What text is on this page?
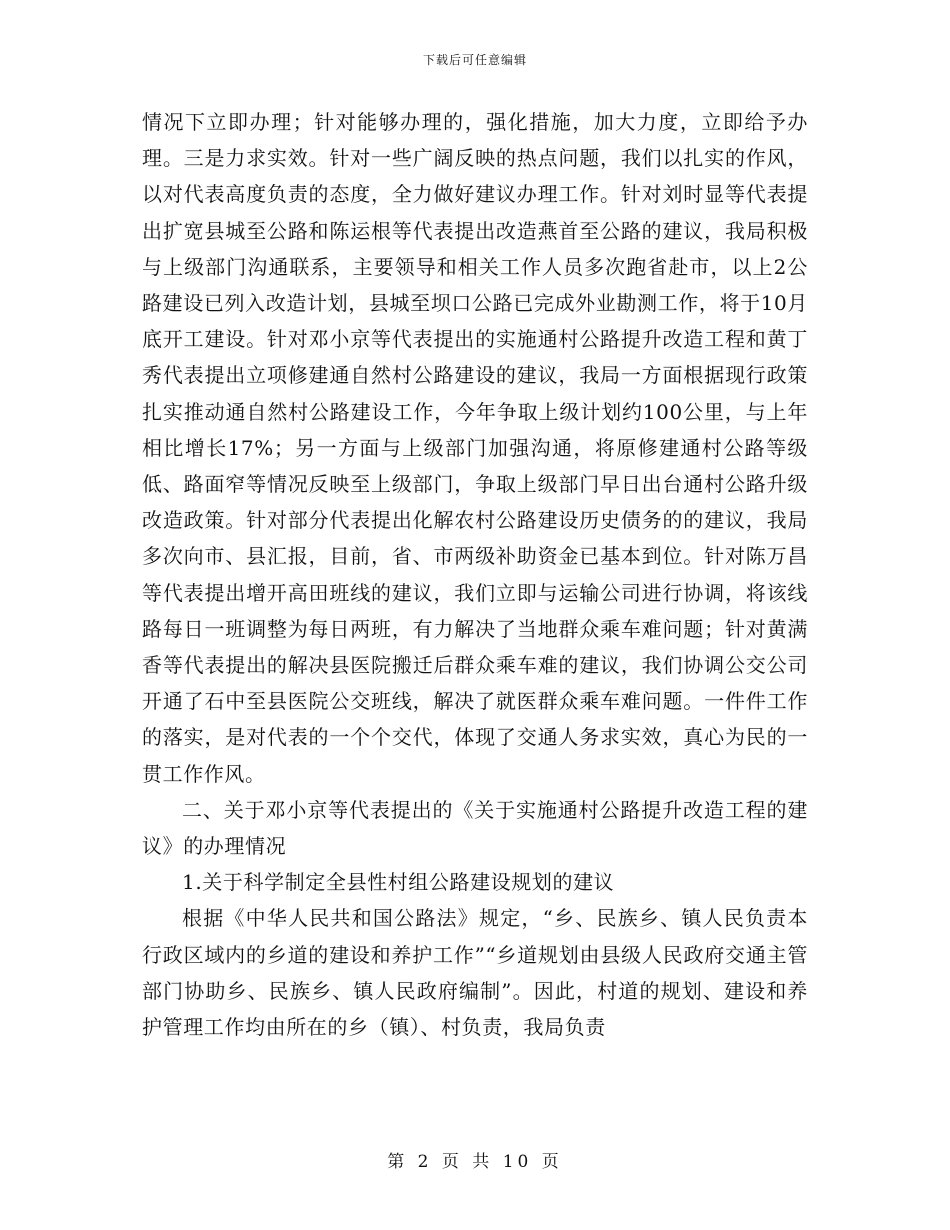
下载后可任意编辑

情况下立即办理；针对能够办理的，强化措施，加大力度，立即给予办理。三是力求实效。针对一些广阔反映的热点问题，我们以扎实的作风，以对代表高度负责的态度，全力做好建议办理工作。针对刘时显等代表提出扩宽县城至公路和陈运根等代表提出改造燕首至公路的建议，我局积极与上级部门沟通联系，主要领导和相关工作人员多次跑省赴市，以上2公路建设已列入改造计划，县城至坝口公路已完成外业勘测工作，将于10月底开工建设。针对邓小京等代表提出的实施通村公路提升改造工程和黄丁秀代表提出立项修建通自然村公路建设的建议，我局一方面根据现行政策扎实推动通自然村公路建设工作，今年争取上级计划约100公里，与上年相比增长17%；另一方面与上级部门加强沟通，将原修建通村公路等级低、路面窄等情况反映至上级部门，争取上级部门早日出台通村公路升级改造政策。针对部分代表提出化解农村公路建设历史债务的的建议，我局多次向市、县汇报，目前，省、市两级补助资金已基本到位。针对陈万昌等代表提出增开高田班线的建议，我们立即与运输公司进行协调，将该线路每日一班调整为每日两班，有力解决了当地群众乘车难问题；针对黄满香等代表提出的解决县医院搬迁后群众乘车难的建议，我们协调公交公司开通了石中至县医院公交班线，解决了就医群众乘车难问题。一件件工作的落实，是对代表的一个个交代，体现了交通人务求实效，真心为民的一贯工作作风。

二、关于邓小京等代表提出的《关于实施通村公路提升改造工程的建议》的办理情况

1.关于科学制定全县性村组公路建设规划的建议

根据《中华人民共和国公路法》规定，“乡、民族乡、镇人民负责本行政区域内的乡道的建设和养护工作”“乡道规划由县级人民政府交通主管部门协助乡、民族乡、镇人民政府编制”。因此，村道的规划、建设和养护管理工作均由所在的乡（镇）、村负责，我局负责

第 2 页 共 10 页
